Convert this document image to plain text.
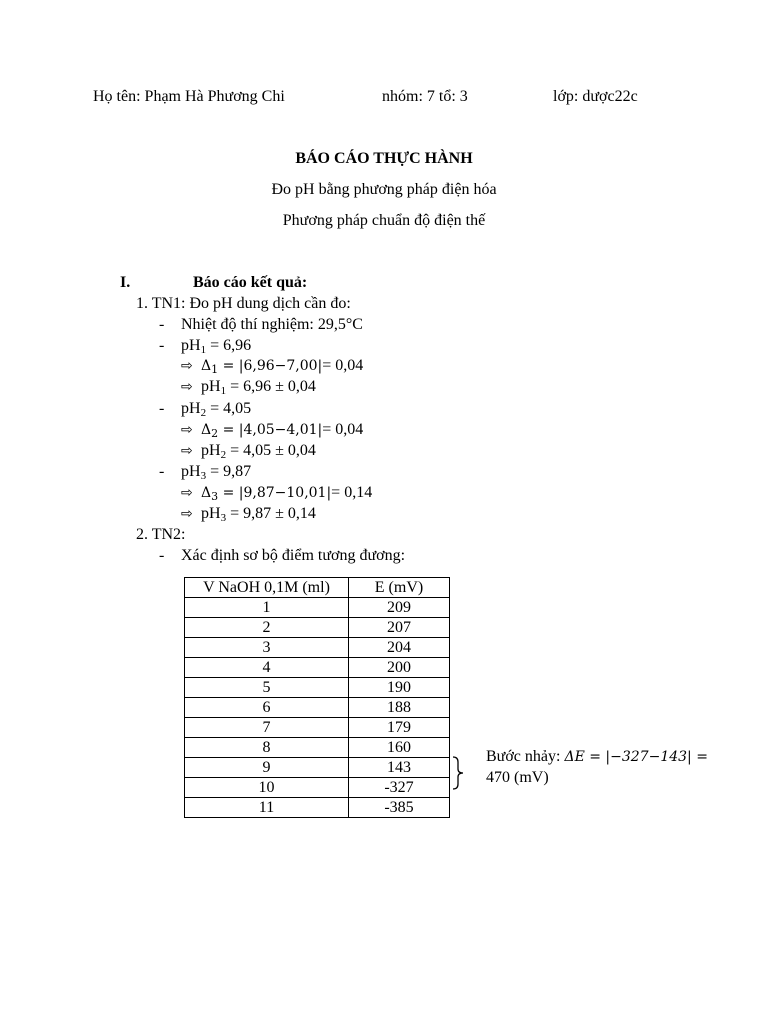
Họ tên: Phạm Hà Phương Chi	nhóm: 7 tổ: 3	lớp: dược22c
BÁO CÁO THỰC HÀNH
Đo pH bằng phương pháp điện hóa
Phương pháp chuẩn độ điện thế
I.	Báo cáo kết quả:
1. TN1: Đo pH dung dịch cần đo:
- Nhiệt độ thí nghiệm: 29,5°C
- $pH_1 = 6,96$
⇨ $\Delta_1 = |6,96-7,00|= 0,04$
⇨ $pH_1 = 6,96 \pm 0,04$
- $pH_2 = 4,05$
⇨ $\Delta_2 = |4,05-4,01|= 0,04$
⇨ $pH_2 = 4,05 \pm 0,04$
- $pH_3 = 9,87$
⇨ $\Delta_3 = |9,87-10,01|= 0,14$
⇨ $pH_3 = 9,87 \pm 0,14$
2. TN2:
- Xác định sơ bộ điểm tương đương:
V NaOH 0,1M (ml)	E (mV)
1	209
2	207
3	204
4	200
5	190
6	188
7	179
8	160
9	143
10	-327
11	-385
Bước nhảy: ΔE = |−327−143| =
470 (mV)
